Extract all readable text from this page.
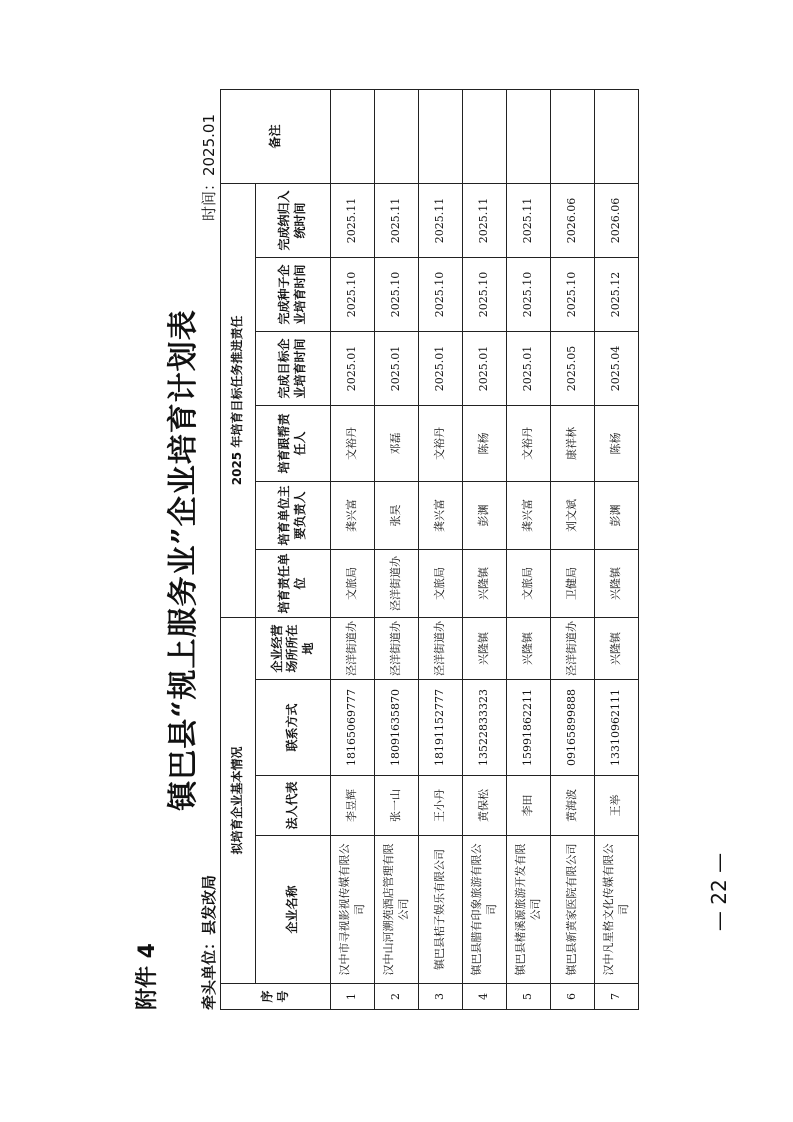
附件 4
镇巴县“规上服务业”企业培育计划表
牵头单位：县发改局
时间：2025.01
序号	拟培育企业基本情况				2025 年培育目标任务推进责任						备注
	企业名称	法人代表	联系方式	企业经营场所所在地	培育责任单位	培育单位主要负责人	培育跟帮责任人	完成目标企业培育时间	完成种子企业培育时间	完成纳归入统时间	
1	汉中市寻视影视传媒有限公司	李昱辉	18165069777	泾洋街道办	文旅局	龚兴富	文裕丹	2025.01	2025.10	2025.11	
2	汉中山河溯苑酒店管理有限公司	张一山	18091635870	泾洋街道办	泾洋街道办	张昊	邓磊	2025.01	2025.10	2025.11	
3	镇巴县桔子娱乐有限公司	王小丹	18191152777	泾洋街道办	文旅局	龚兴富	文裕丹	2025.01	2025.10	2025.11	
4	镇巴县腊有印象旅游有限公司	黄保松	13522833323	兴隆镇	兴隆镇	彭渊	陈杨	2025.01	2025.10	2025.11	
5	镇巴县楮溪源旅游开发有限公司	李田	15991862211	兴隆镇	文旅局	龚兴富	文裕丹	2025.01	2025.10	2025.11	
6	镇巴县新黄家医院有限公司	黄海波	09165899888	泾洋街道办	卫健局	刘文斌	康祥林	2025.05	2025.10	2026.06	
7	汉中凡星格文化传媒有限公司	王举	13310962111	兴隆镇	兴隆镇	彭渊	陈杨	2025.04	2025.12	2026.06	
— 22 —
